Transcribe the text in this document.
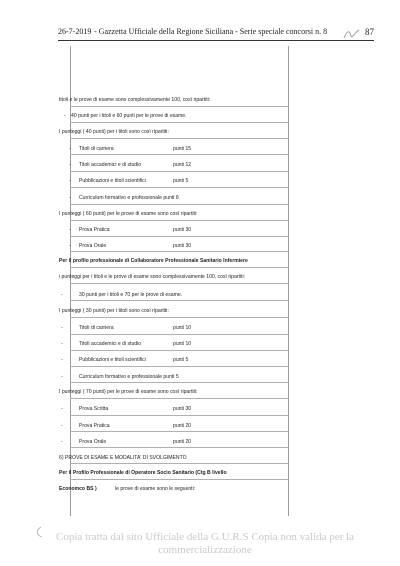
26-7-2019 - Gazzetta Ufficiale della Regione Siciliana - Serie speciale concorsi n. 8	87
titoli e le prove di esame sono complessivamente 100, così ripartiti:
- 40 punti per i titoli e 60 punti per le prove di esame.
I punteggi ( 40 punti) per i titoli sono così ripartiti:
- Titoli di carriera	punti 15
- Titoli accademici e di studio	punti 12
- Pubblicazioni e titoli scientifici	punti 5
- Curriculum formativo e professionale punti 8
I punteggi ( 60 punti) per le prove di esame sono così ripartiti:
- Prova Pratica	punti 30
- Prova Orale	punti 30
Per il profilo professionale di Collaboratore Professionale Sanitario Infermiere
i punteggi per i titoli e le prove di esame sono complessivamente 100, così ripartiti:
-	30 punti per i titoli e 70 per le prove di esame.
I punteggi ( 30 punti) per i titoli sono così ripartiti:
-	Titoli di carriera	punti 10
-	Titoli accademici e di studio	punti 10
-	Pubblicazioni e titoli scientifici	punti 5
-	Curriculum formativo e professionale punti 5
I punteggi ( 70 punti) per le prove di esame sono così ripartiti:
-	Prova Scritta	punti 30
-	Prova Pratica	punti 20
-	Prova Orale	punti 20
6) PROVE DI ESAME E MODALITA' DI SVOLGIMENTO
Per il Profilo Professionale di Operatore Socio Sanitario (Ctg B livello
Economco BS )	le prove di esame sono le seguenti:
Copia tratta dal sito Ufficiale della G.U.R.S Copia non valida per la
commercializzazione
